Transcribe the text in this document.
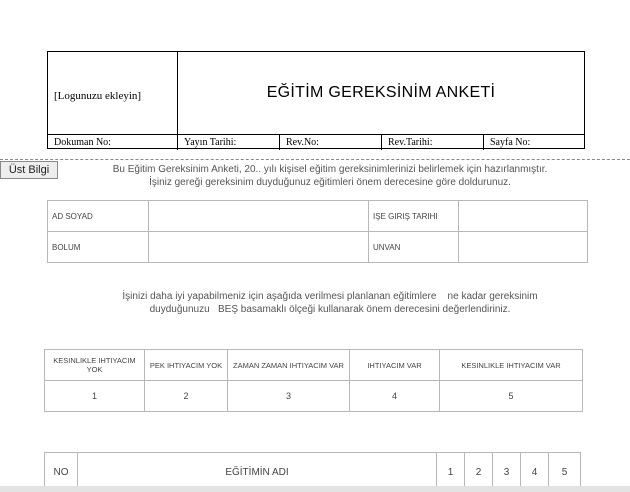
[Logunuzu ekleyin]	EĞİTİM GEREKSİNİM ANKETİ
Dokuman No:	Yayın Tarihi:	Rev.No:	Rev.Tarihi:	Sayfa No:
Üst Bilgi	Bu Eğitim Gereksinim Anketi, 20.. yılı kişisel eğitim gereksinimlerinizi belirlemek için hazırlanmıştır.
İşiniz gereği gereksinim duyduğunuz eğitimleri önem derecesine göre doldurunuz.
AD SOYAD		IŞE GIRIŞ TARIHI	
BOLUM		UNVAN	
İşinizi daha iyi yapabilmeniz için aşağıda verilmesi planlanan eğitimlere    ne kadar gereksinim
duyduğunuzu   BEŞ basamaklı ölçeği kullanarak önem derecesini değerlendiriniz.
KESINLIKLE IHTIYACIM YOK	PEK IHTIYACIM YOK	ZAMAN ZAMAN IHTIYACIM VAR	IHTIYACIM VAR	KESINLIKLE IHTIYACIM VAR
1	2	3	4	5
NO	EĞİTİMİN ADI	1	2	3	4	5
